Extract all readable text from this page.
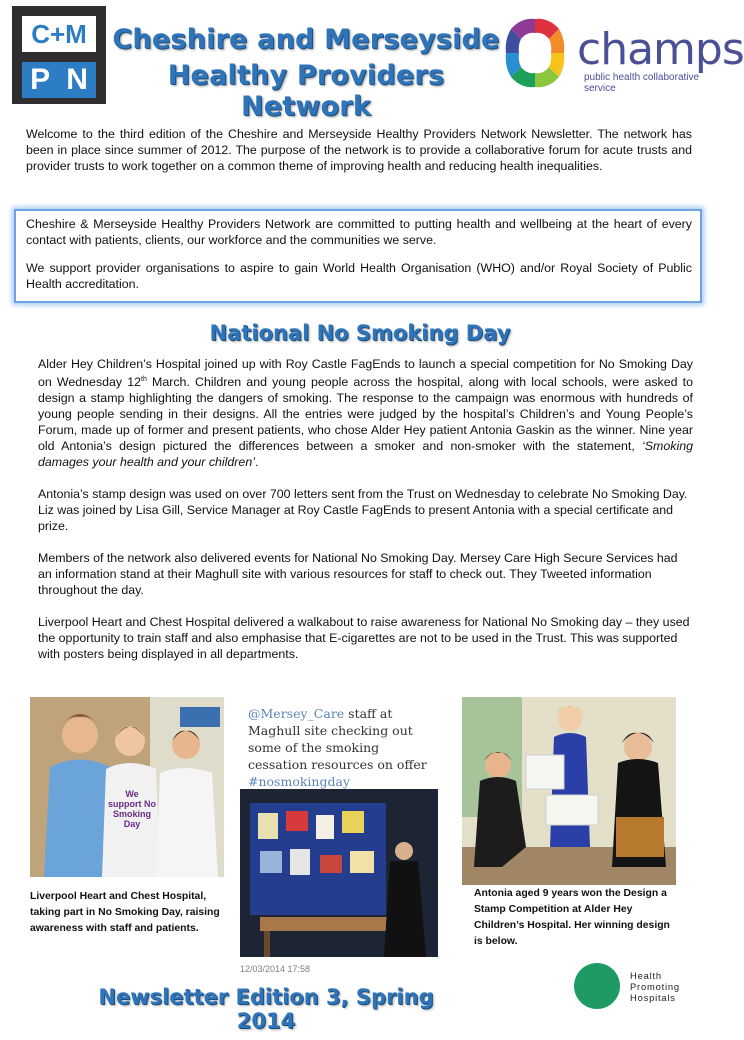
C+M
P N
Cheshire and Merseyside
Healthy Providers Network
champs
public health collaborative service
Welcome to the third edition of the Cheshire and Merseyside Healthy Providers Network Newsletter. The network has been in place since summer of 2012. The purpose of the network is to provide a collaborative forum for acute trusts and provider trusts to work together on a common theme of improving health and reducing health inequalities.

Cheshire & Merseyside Healthy Providers Network are committed to putting health and wellbeing at the heart of every contact with patients, clients, our workforce and the communities we serve.

We support provider organisations to aspire to gain World Health Organisation (WHO) and/or Royal Society of Public Health accreditation.

National No Smoking Day

Alder Hey Children’s Hospital joined up with Roy Castle FagEnds to launch a special competition for No Smoking Day on Wednesday 12th March. Children and young people across the hospital, along with local schools, were asked to design a stamp highlighting the dangers of smoking. The response to the campaign was enormous with hundreds of young people sending in their designs. All the entries were judged by the hospital’s Children’s and Young People’s Forum, made up of former and present patients, who chose Alder Hey patient Antonia Gaskin as the winner. Nine year old Antonia’s design pictured the differences between a smoker and non-smoker with the statement, ‘Smoking damages your health and your children’.

Antonia’s stamp design was used on over 700 letters sent from the Trust on Wednesday to celebrate No Smoking Day. Liz was joined by Lisa Gill, Service Manager at Roy Castle FagEnds to present Antonia with a special certificate and prize.

Members of the network also delivered events for National No Smoking Day. Mersey Care High Secure Services had an information stand at their Maghull site with various resources for staff to check out. They Tweeted information throughout the day.

Liverpool Heart and Chest Hospital delivered a walkabout to raise awareness for National No Smoking day – they used the opportunity to train staff and also emphasise that E-cigarettes are not to be used in the Trust. This was supported with posters being displayed in all departments.

We support No Smoking Day
@Mersey_Care staff at Maghull site checking out some of the smoking cessation resources on offer #nosmokingday
12/03/2014 17:58
Liverpool Heart and Chest Hospital, taking part in No Smoking Day, raising awareness with staff and patients.
Antonia aged 9 years won the Design a Stamp Competition at Alder Hey Children’s Hospital. Her winning design is below.
Newsletter Edition 3, Spring 2014
Health
Promoting
Hospitals
